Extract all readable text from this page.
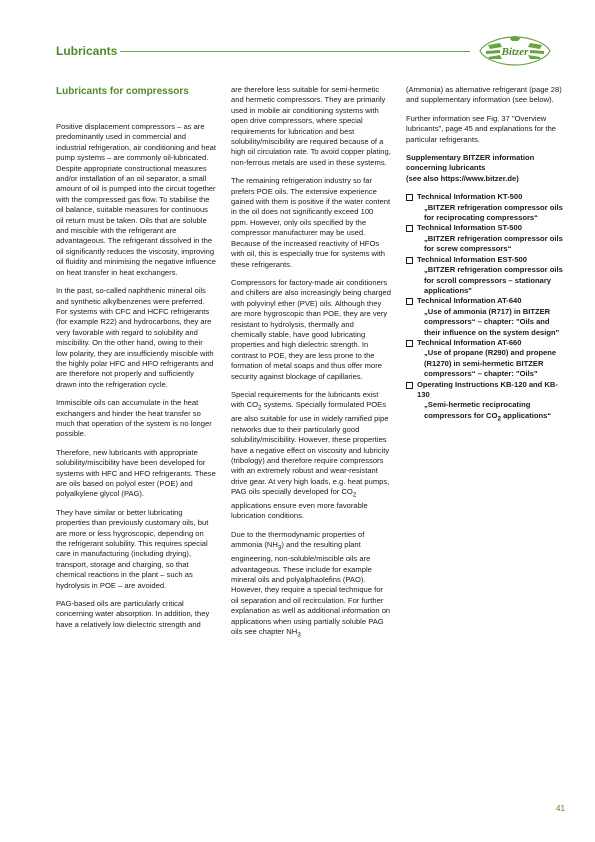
Lubricants	Bitzer
Lubricants for compressors

Positive displacement compressors – as are predominantly used in commercial and industrial refrigeration, air conditioning and heat pump systems – are commonly oil-lubricated. Despite appropriate constructional measures and/or installation of an oil separator, a small amount of oil is pumped into the circuit together with the compressed gas flow. To stabilise the oil balance, suitable measures for continuous oil return must be taken. Oils that are soluble and miscible with the refrigerant are advantageous. The refrigerant dissolved in the oil significantly reduces the viscosity, improving oil fluidity and minimising the negative influence on heat transfer in heat exchangers.

In the past, so-called naphthenic mineral oils and synthetic alkylbenzenes were preferred. For systems with CFC and HCFC refrigerants (for example R22) and hydrocarbons, they are very favorable with regard to solubility and miscibility. On the other hand, owing to their low polarity, they are insufficiently miscible with the highly polar HFC and HFO refrigerants and are therefore not properly and sufficiently drawn into the refrigeration cycle.

Immiscible oils can accumulate in the heat exchangers and hinder the heat transfer so much that operation of the system is no longer possible.

Therefore, new lubricants with appropriate solubility/miscibility have been developed for systems with HFC and HFO refrigerants. These are oils based on polyol ester (POE) and polyalkylene glycol (PAG).

They have similar or better lubricating properties than previously customary oils, but are more or less hygroscopic, depending on the refrigerant solubility. This requires special care in manufacturing (including drying), transport, storage and charging, so that chemical reactions in the plant – such as hydrolysis in POE – are avoided.

PAG-based oils are particularly critical concerning water absorption. In addition, they have a relatively low dielectric strength and

are therefore less suitable for semi-hermetic and hermetic compressors. They are primarily used in mobile air conditioning systems with open drive compressors, where special requirements for lubrication and best solubility/miscibility are required because of a high oil circulation rate. To avoid copper plating, non-ferrous metals are used in these systems.

The remaining refrigeration industry so far prefers POE oils. The extensive experience gained with them is positive if the water content in the oil does not significantly exceed 100 ppm. However, only oils specified by the compressor manufacturer may be used. Because of the increased reactivity of HFOs with oil, this is especially true for systems with these refrigerants.

Compressors for factory-made air conditioners and chillers are also increasingly being charged with polyvinyl ether (PVE) oils. Although they are more hygroscopic than POE, they are very resistant to hydrolysis, thermally and chemically stable, have good lubricating properties and high dielectric strength. In contrast to POE, they are less prone to the formation of metal soaps and thus offer more security against blockage of capillaries.

Special requirements for the lubricants exist with $CO_2$ systems. Specially formulated POEs are also suitable for use in widely ramified pipe networks due to their particularly good solubility/miscibility. However, these properties have a negative effect on viscosity and lubricity (tribology) and therefore require compressors with an extremely robust and wear-resistant drive gear. At very high loads, e.g. heat pumps, PAG oils specially developed for $CO_2$ applications ensure even more favorable lubrication conditions.

Due to the thermodynamic properties of ammonia $(NH_3)$ and the resulting plant engineering, non-soluble/miscible oils are advantageous. These include for example mineral oils and polyalphaolefins (PAO). However, they require a special technique for oil separation and oil recirculation. For further explanation as well as additional information on applications when using partially soluble PAG oils see chapter $NH_3$

(Ammonia) as alternative refrigerant (page 28) and supplementary information (see below).

Further information see Fig. 37 "Overview lubricants", page 45 and explanations for the particular refrigerants.

Supplementary BITZER information concerning lubricants
(see also https://www.bitzer.de)
Technical Information KT-500
„BITZER refrigeration compressor oils for reciprocating compressors“
Technical Information ST-500
„BITZER refrigeration compressor oils for screw compressors“
Technical Information EST-500
„BITZER refrigeration compressor oils for scroll compressors – stationary applications"
Technical Information AT-640
„Use of ammonia (R717) in BITZER compressors“ – chapter: "Oils and their influence on the system design"
Technical Information AT-660
„Use of propane (R290) and propene (R1270) in semi-hermetic BITZER compressors“ – chapter: "Oils"
Operating Instructions KB-120 and KB-130
„Semi-hermetic reciprocating compressors for $CO_2$ applications“
41
